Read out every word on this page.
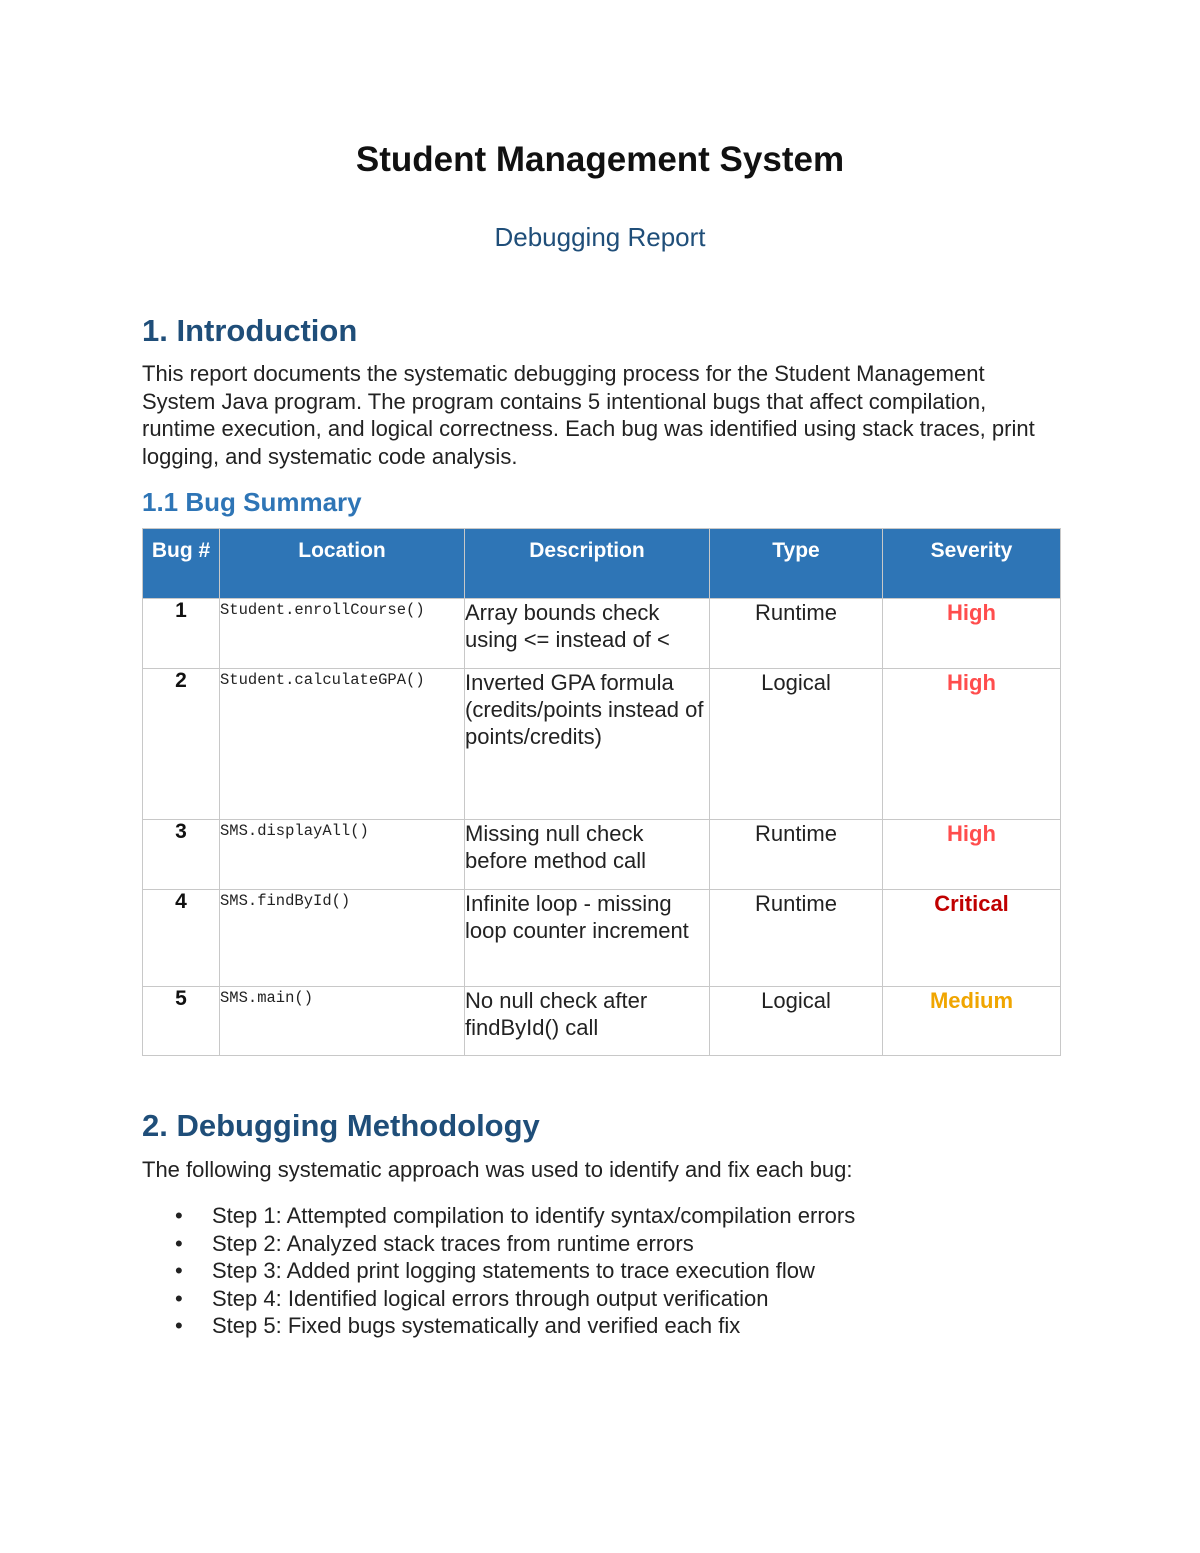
Student Management System
Debugging Report
1. Introduction

This report documents the systematic debugging process for the Student Management System Java program. The program contains 5 intentional bugs that affect compilation, runtime execution, and logical correctness. Each bug was identified using stack traces, print logging, and systematic code analysis.

1.1 Bug Summary
Bug #	Location	Description	Type	Severity
1	Student.enrollCourse()	Array bounds check using <= instead of <	Runtime	High
2	Student.calculateGPA()	Inverted GPA formula (credits/points instead of points/credits)	Logical	High
3	SMS.displayAll()	Missing null check before method call	Runtime	High
4	SMS.findById()	Infinite loop - missing loop counter increment	Runtime	Critical
5	SMS.main()	No null check after findById() call	Logical	Medium
2. Debugging Methodology

The following systematic approach was used to identify and fix each bug:

• Step 1: Attempted compilation to identify syntax/compilation errors
• Step 2: Analyzed stack traces from runtime errors
• Step 3: Added print logging statements to trace execution flow
• Step 4: Identified logical errors through output verification
• Step 5: Fixed bugs systematically and verified each fix
